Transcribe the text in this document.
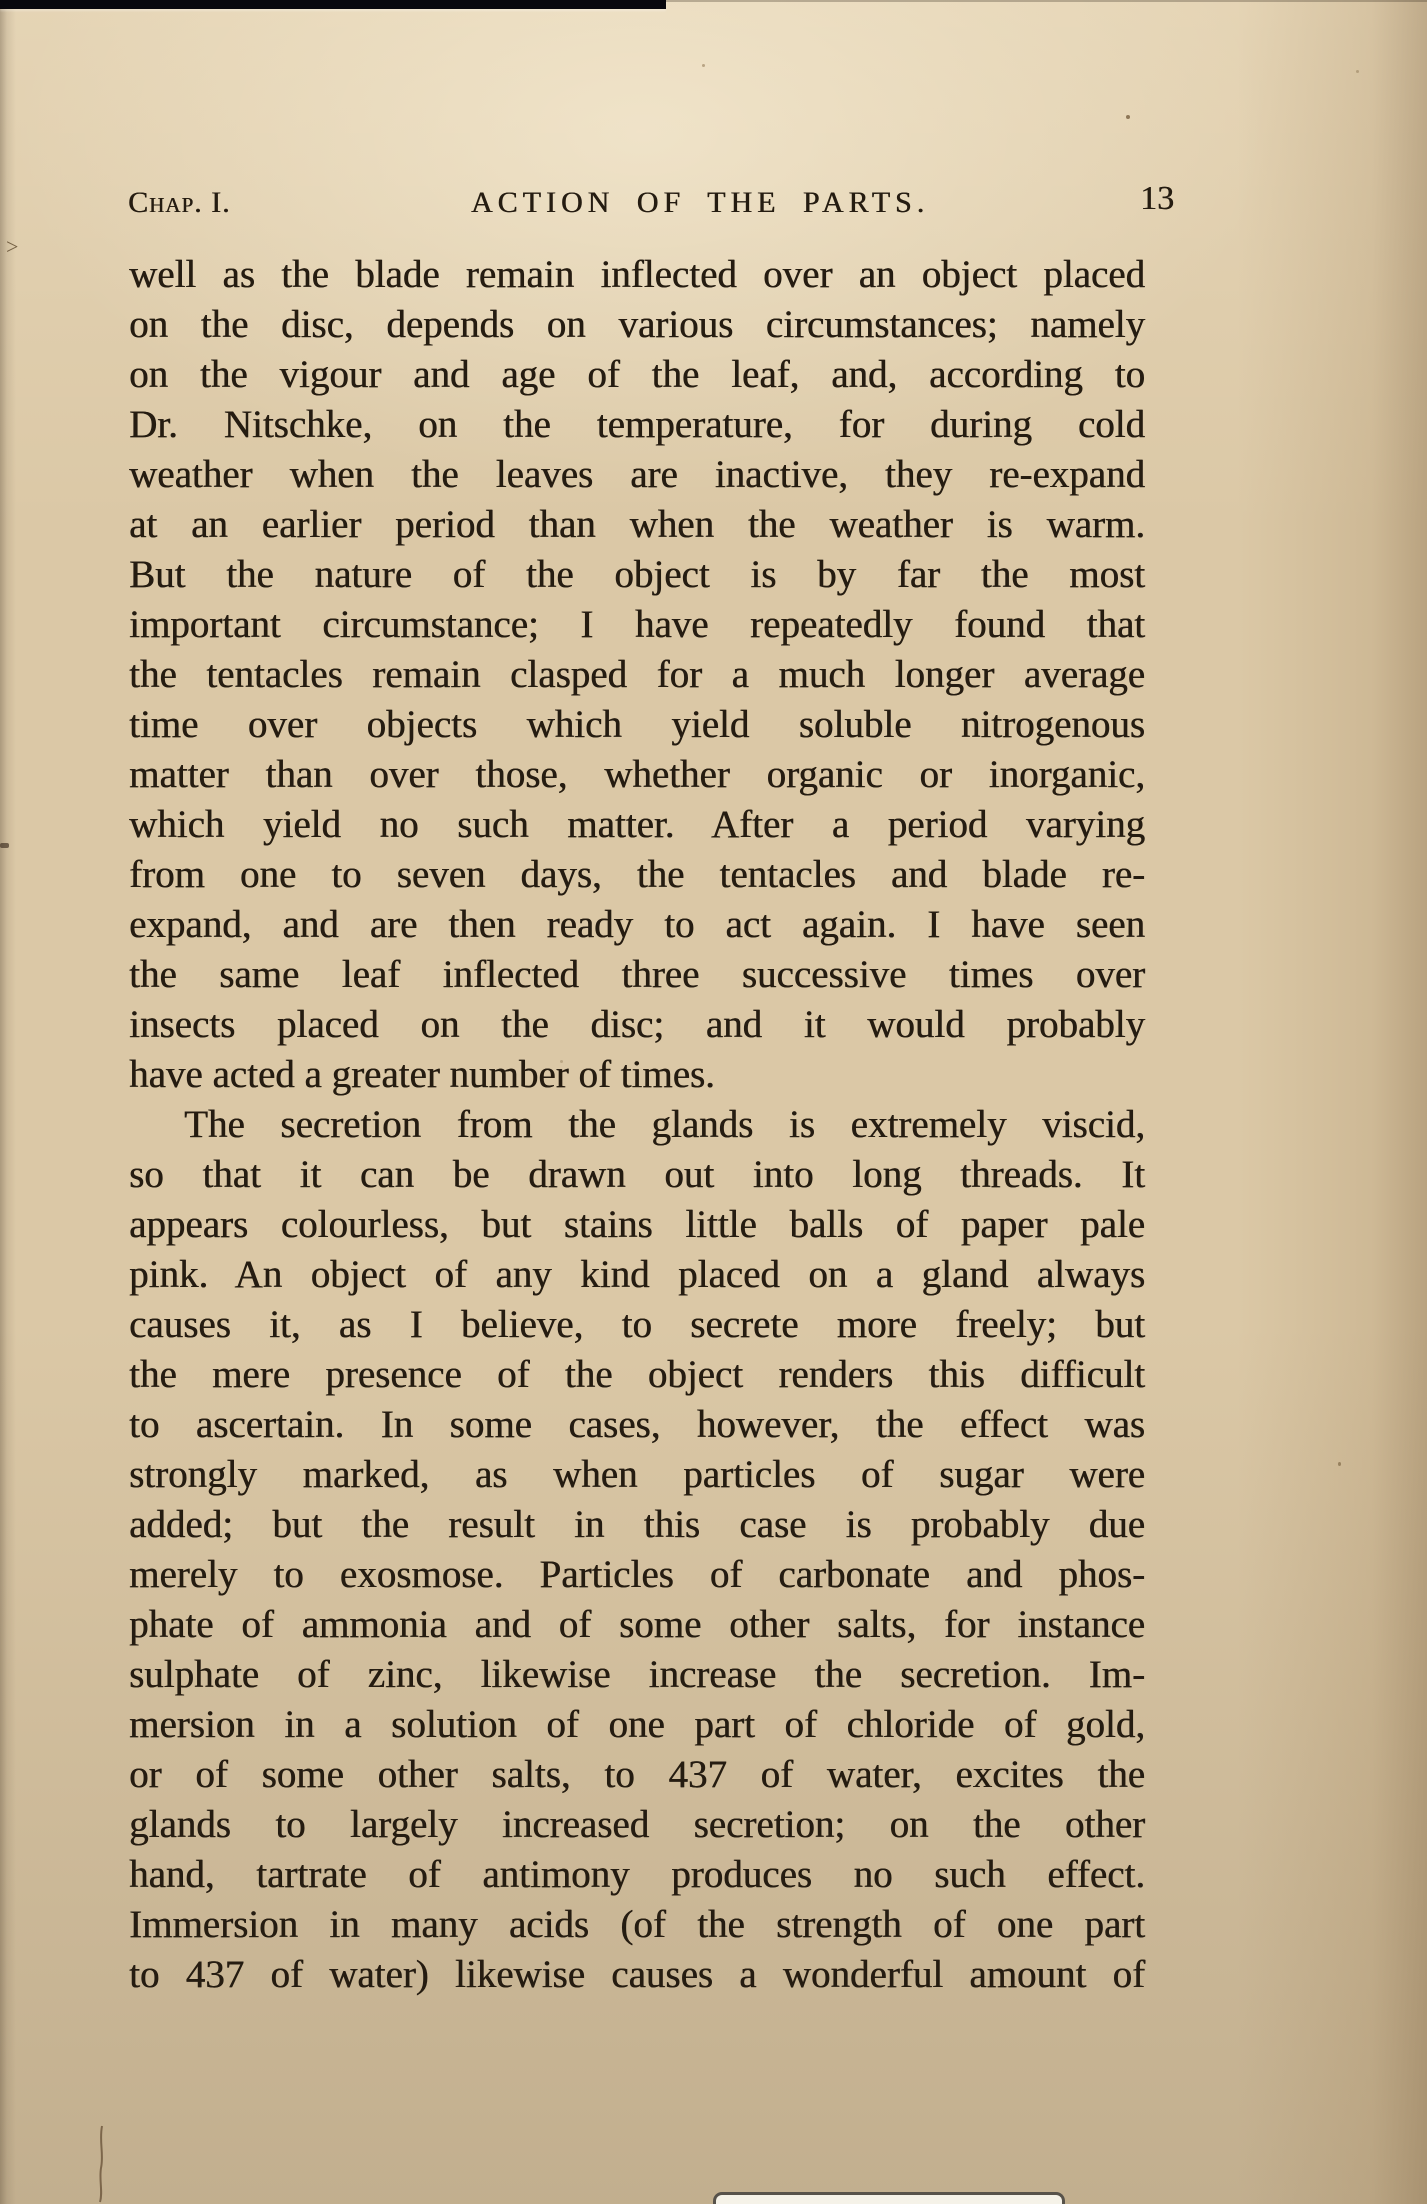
Chap. I.	ACTION OF THE PARTS.	13
>
well as the blade remain inflected over an object placed
on the disc, depends on various circumstances; namely
on the vigour and age of the leaf, and, according to
Dr. Nitschke, on the temperature, for during cold
weather when the leaves are inactive, they re-expand
at an earlier period than when the weather is warm.
But the nature of the object is by far the most
important circumstance; I have repeatedly found that
the tentacles remain clasped for a much longer average
time over objects which yield soluble nitrogenous
matter than over those, whether organic or inorganic,
which yield no such matter. After a period varying
from one to seven days, the tentacles and blade re-
expand, and are then ready to act again. I have seen
the same leaf inflected three successive times over
insects placed on the disc; and it would probably
have acted a greater number of times.
The secretion from the glands is extremely viscid,
so that it can be drawn out into long threads. It
appears colourless, but stains little balls of paper pale
pink. An object of any kind placed on a gland always
causes it, as I believe, to secrete more freely; but
the mere presence of the object renders this difficult
to ascertain. In some cases, however, the effect was
strongly marked, as when particles of sugar were
added; but the result in this case is probably due
merely to exosmose. Particles of carbonate and phos-
phate of ammonia and of some other salts, for instance
sulphate of zinc, likewise increase the secretion. Im-
mersion in a solution of one part of chloride of gold,
or of some other salts, to 437 of water, excites the
glands to largely increased secretion; on the other
hand, tartrate of antimony produces no such effect.
Immersion in many acids (of the strength of one part
to 437 of water) likewise causes a wonderful amount of
